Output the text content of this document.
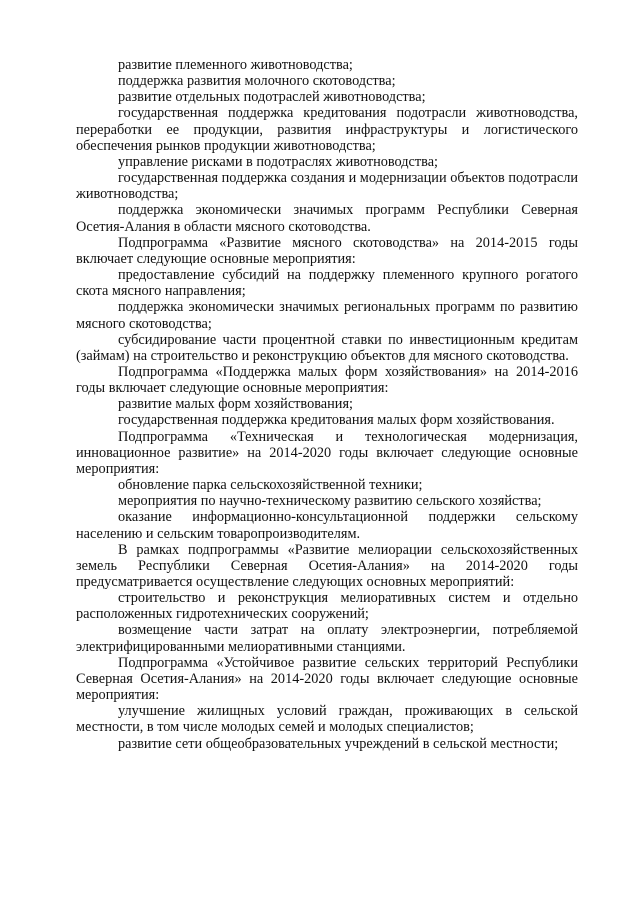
развитие племенного животноводства;

поддержка развития молочного скотоводства;

развитие отдельных подотраслей животноводства;

государственная поддержка кредитования подотрасли животноводства, переработки ее продукции, развития инфраструктуры и логистического обеспечения рынков продукции животноводства;

управление рисками в подотраслях животноводства;

государственная поддержка создания и модернизации объектов подотрасли животноводства;

поддержка экономически значимых программ Республики Северная Осетия-Алания в области мясного скотоводства.

Подпрограмма «Развитие мясного скотоводства» на 2014-2015 годы включает следующие основные мероприятия:

предоставление субсидий на поддержку племенного крупного рогатого скота мясного направления;

поддержка экономически значимых региональных программ по развитию мясного скотоводства;

субсидирование части процентной ставки по инвестиционным кредитам (займам) на строительство и реконструкцию объектов для мясного скотоводства.

Подпрограмма «Поддержка малых форм хозяйствования» на 2014-2016 годы включает следующие основные мероприятия:

развитие малых форм хозяйствования;

государственная поддержка кредитования малых форм хозяйствования.

Подпрограмма «Техническая и технологическая модернизация, инновационное развитие» на 2014-2020 годы включает следующие основные мероприятия:

обновление парка сельскохозяйственной техники;

мероприятия по научно-техническому развитию сельского хозяйства;

оказание информационно-консультационной поддержки сельскому населению и сельским товаропроизводителям.

В рамках подпрограммы «Развитие мелиорации сельскохозяйственных земель Республики Северная Осетия-Алания» на 2014-2020 годы предусматривается осуществление следующих основных мероприятий:

строительство и реконструкция мелиоративных систем и отдельно расположенных гидротехнических сооружений;

возмещение части затрат на оплату электроэнергии, потребляемой электрифицированными мелиоративными станциями.

Подпрограмма «Устойчивое развитие сельских территорий Республики Северная Осетия-Алания» на 2014-2020 годы включает следующие основные мероприятия:

улучшение жилищных условий граждан, проживающих в сельской местности, в том числе молодых семей и молодых специалистов;

развитие сети общеобразовательных учреждений в сельской местности;
